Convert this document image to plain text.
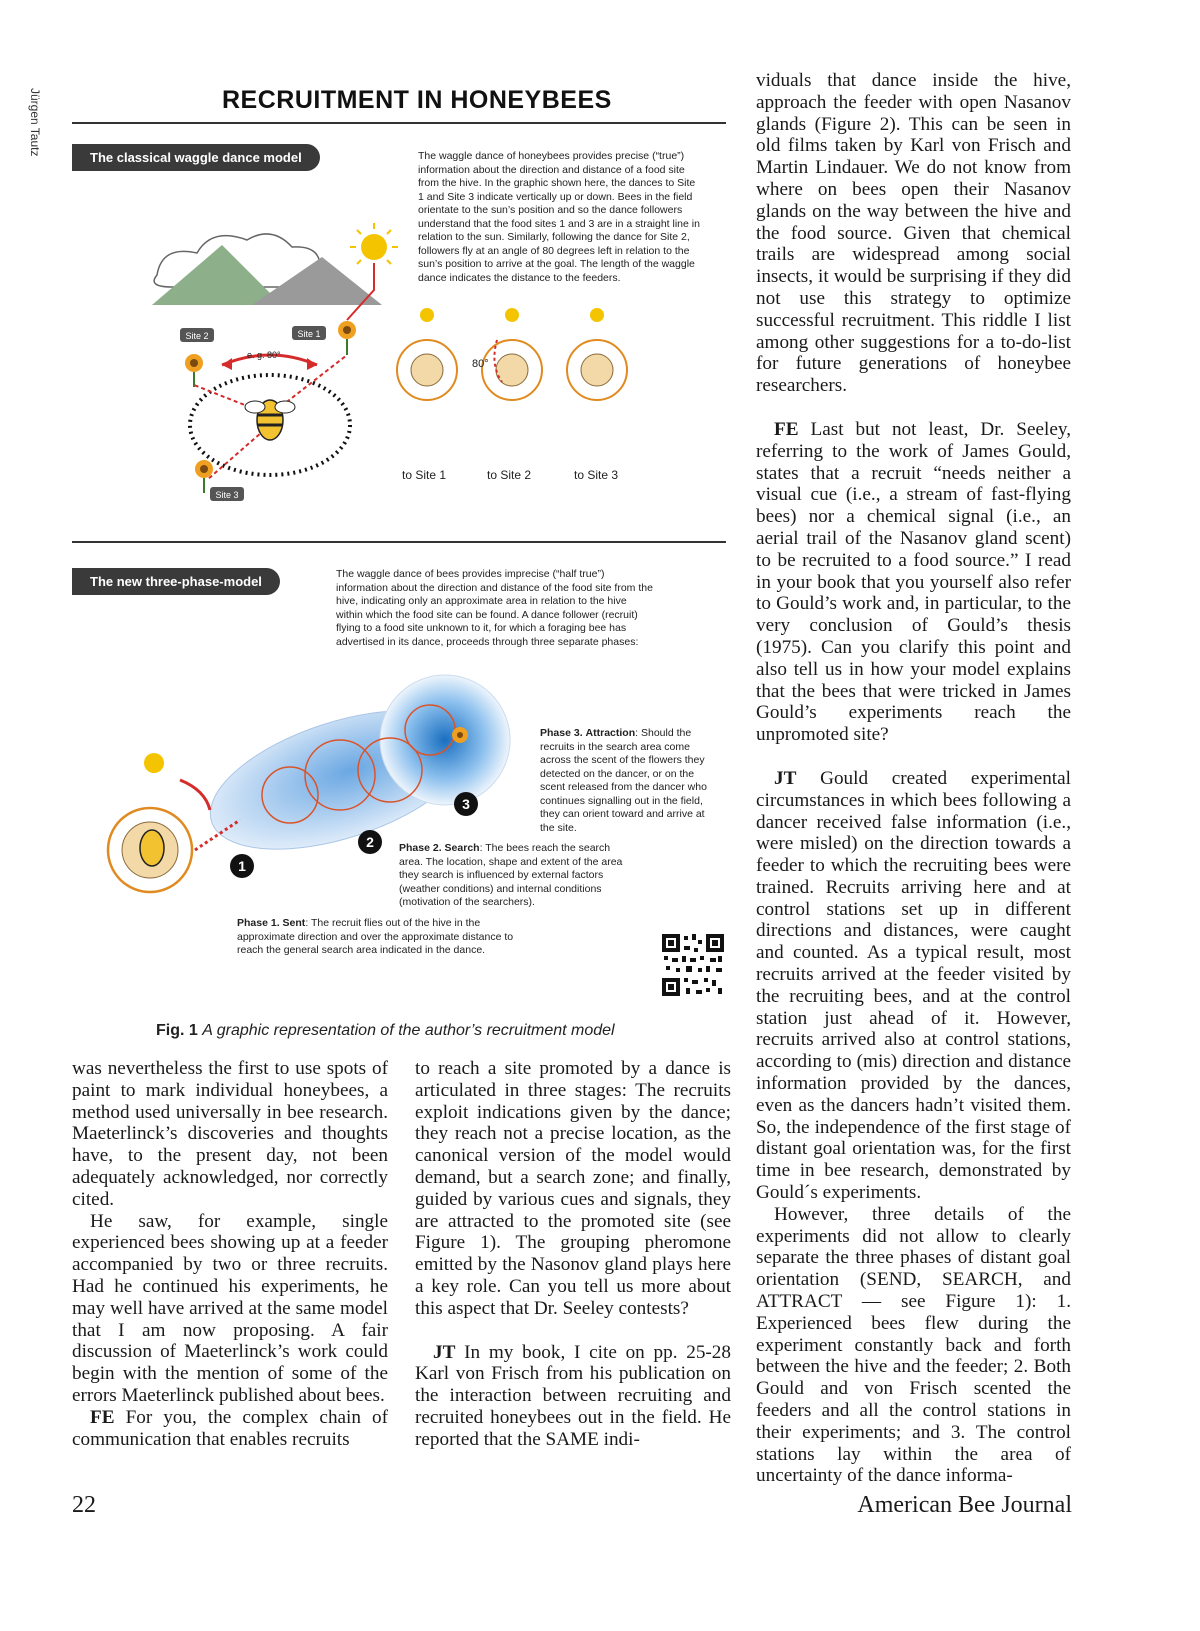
Jürgen Tautz	RECRUITMENT IN HONEYBEES
The classical waggle dance model	The waggle dance of honeybees provides precise (“true”) information about the direction and distance of a food site from the hive. In the graphic shown here, the dances to Site 1 and Site 3 indicate vertically up or down. Bees in the field orientate to the sun’s position and so the dance followers understand that the food sites 1 and 3 are in a straight line in relation to the sun. Similarly, following the dance for Site 2, followers fly at an angle of 80 degrees left in relation to the sun’s position to arrive at the goal. The length of the waggle dance indicates the distance to the feeders.
Site 2	Site 1
Site 3
e. g. 80°
80°
to Site 1	to Site 2	to Site 3
The new three-phase-model	The waggle dance of bees provides imprecise (“half true”) information about the direction and distance of the food site from the hive, indicating only an approximate area in relation to the hive within which the food site can be found. A dance follower (recruit) flying to a food site unknown to it, for which a foraging bee has advertised in its dance, proceeds through three separate phases:
1
2
3
Phase 3. Attraction: Should the recruits in the search area come across the scent of the flowers they detected on the dancer, or on the scent released from the dancer who continues signalling out in the field, they can orient toward and arrive at the site.
Phase 2. Search: The bees reach the search area. The location, shape and extent of the area they search is influenced by external factors (weather conditions) and internal conditions (motivation of the searchers).
Phase 1. Sent: The recruit flies out of the hive in the approximate direction and over the approximate distance to reach the general search area indicated in the dance.
Fig. 1 A graphic representation of the author’s recruitment model

was nevertheless the first to use spots of paint to mark individual honeybees, a method used universally in bee research. Maeterlinck’s discoveries and thoughts have, to the present day, not been adequately acknowledged, nor correctly cited.

He saw, for example, single experienced bees showing up at a feeder accompanied by two or three recruits. Had he continued his experiments, he may well have arrived at the same model that I am now proposing. A fair discussion of Maeterlinck’s work could begin with the mention of some of the errors Maeterlinck published about bees.

FE For you, the complex chain of communication that enables recruits

to reach a site promoted by a dance is articulated in three stages: The recruits exploit indications given by the dance; they reach not a precise location, as the canonical version of the model would demand, but a search zone; and finally, guided by various cues and signals, they are attracted to the promoted site (see Figure 1). The grouping pheromone emitted by the Nasonov gland plays here a key role. Can you tell us more about this aspect that Dr. Seeley contests?

JT In my book, I cite on pp. 25-28 Karl von Frisch from his publication on the interaction between recruiting and recruited honeybees out in the field. He reported that the SAME indi-

viduals that dance inside the hive, approach the feeder with open Nasanov glands (Figure 2). This can be seen in old films taken by Karl von Frisch and Martin Lindauer. We do not know from where on bees open their Nasanov glands on the way between the hive and the food source. Given that chemical trails are widespread among social insects, it would be surprising if they did not use this strategy to optimize successful recruitment. This riddle I list among other suggestions for a to-do-list for future generations of honeybee researchers.

FE Last but not least, Dr. Seeley, referring to the work of James Gould, states that a recruit “needs neither a visual cue (i.e., a stream of fast-flying bees) nor a chemical signal (i.e., an aerial trail of the Nasanov gland scent) to be recruited to a food source.” I read in your book that you yourself also refer to Gould’s work and, in particular, to the very conclusion of Gould’s thesis (1975). Can you clarify this point and also tell us in how your model explains that the bees that were tricked in James Gould’s experiments reach the unpromoted site?

JT Gould created experimental circumstances in which bees following a dancer received false information (i.e., were misled) on the direction towards a feeder to which the recruiting bees were trained. Recruits arriving here and at control stations set up in different directions and distances, were caught and counted. As a typical result, most recruits arrived at the feeder visited by the recruiting bees, and at the control station just ahead of it. However, recruits arrived also at control stations, according to (mis) direction and distance information provided by the dances, even as the dancers hadn’t visited them. So, the independence of the first stage of distant goal orientation was, for the first time in bee research, demonstrated by Gould´s experiments.

However, three details of the experiments did not allow to clearly separate the three phases of distant goal orientation (SEND, SEARCH, and ATTRACT — see Figure 1): 1. Experienced bees flew during the experiment constantly back and forth between the hive and the feeder; 2. Both Gould and von Frisch scented the feeders and all the control stations in their experiments; and 3. The control stations lay within the area of uncertainty of the dance informa-

22	American Bee Journal
